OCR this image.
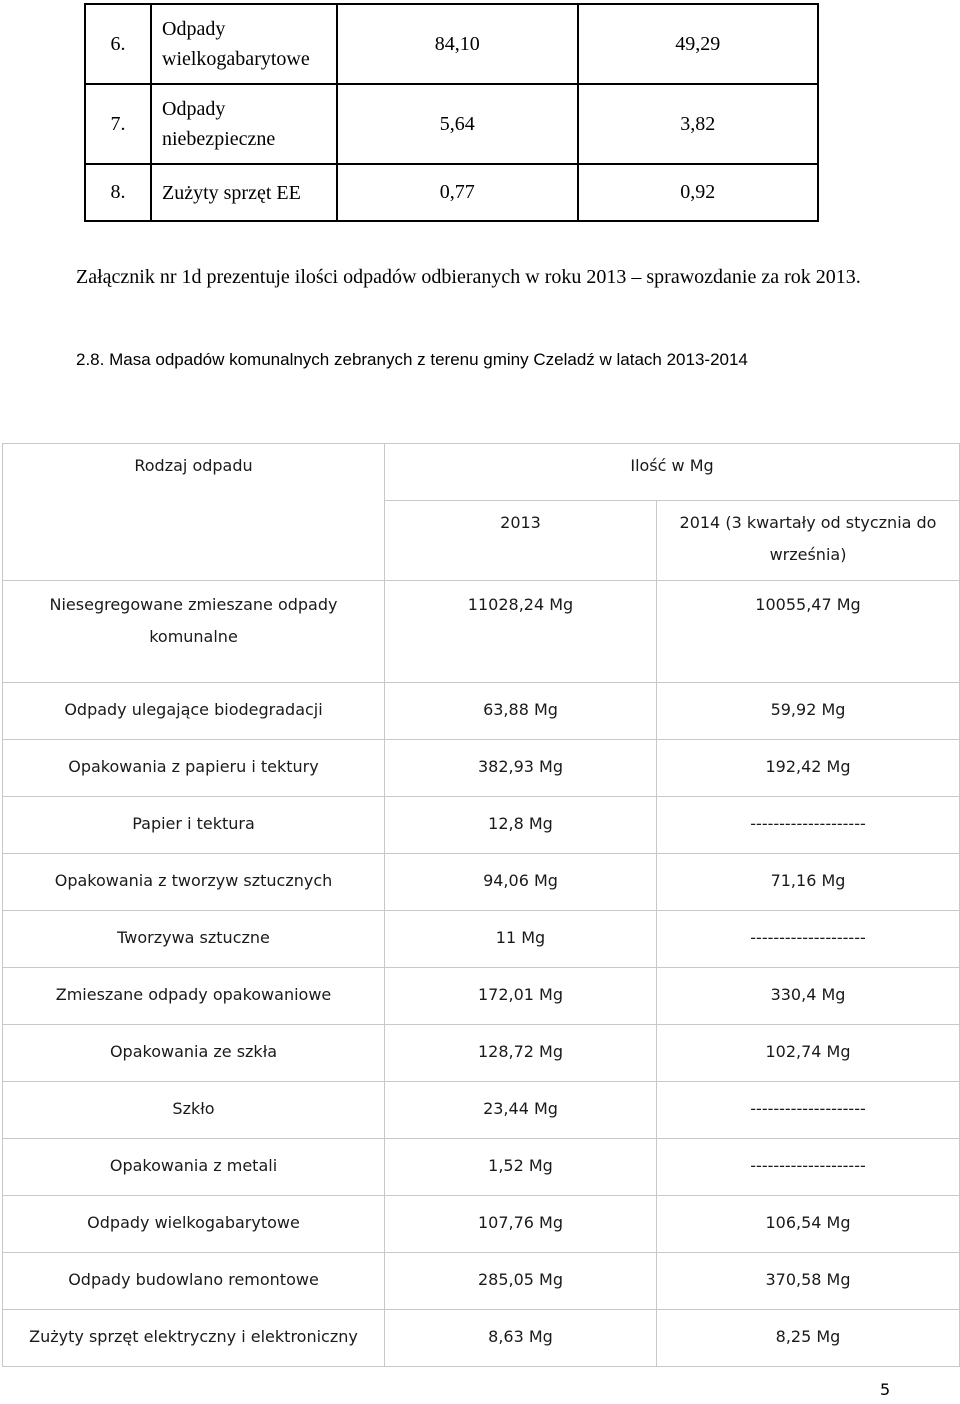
6.	Odpady wielkogabarytowe	84,10	49,29
7.	Odpady niebezpieczne	5,64	3,82
8.	Zużyty sprzęt EE	0,77	0,92
Załącznik nr 1d prezentuje ilości odpadów odbieranych w roku 2013 – sprawozdanie za rok 2013.
2.8. Masa odpadów komunalnych zebranych z terenu gminy Czeladź w latach 2013-2014
Rodzaj odpadu	Ilość w Mg	
	2013	2014 (3 kwartały od stycznia do września)
Niesegregowane zmieszane odpady komunalne	11028,24 Mg	10055,47 Mg
Odpady ulegające biodegradacji	63,88 Mg	59,92 Mg
Opakowania z papieru i tektury	382,93 Mg	192,42 Mg
Papier i tektura	12,8 Mg	--------------------
Opakowania z tworzyw sztucznych	94,06 Mg	71,16 Mg
Tworzywa sztuczne	11 Mg	--------------------
Zmieszane odpady opakowaniowe	172,01 Mg	330,4 Mg
Opakowania ze szkła	128,72 Mg	102,74 Mg
Szkło	23,44 Mg	--------------------
Opakowania z metali	1,52 Mg	--------------------
Odpady wielkogabarytowe	107,76 Mg	106,54 Mg
Odpady budowlano remontowe	285,05 Mg	370,58 Mg
Zużyty sprzęt elektryczny i elektroniczny	8,63 Mg	8,25 Mg
5
